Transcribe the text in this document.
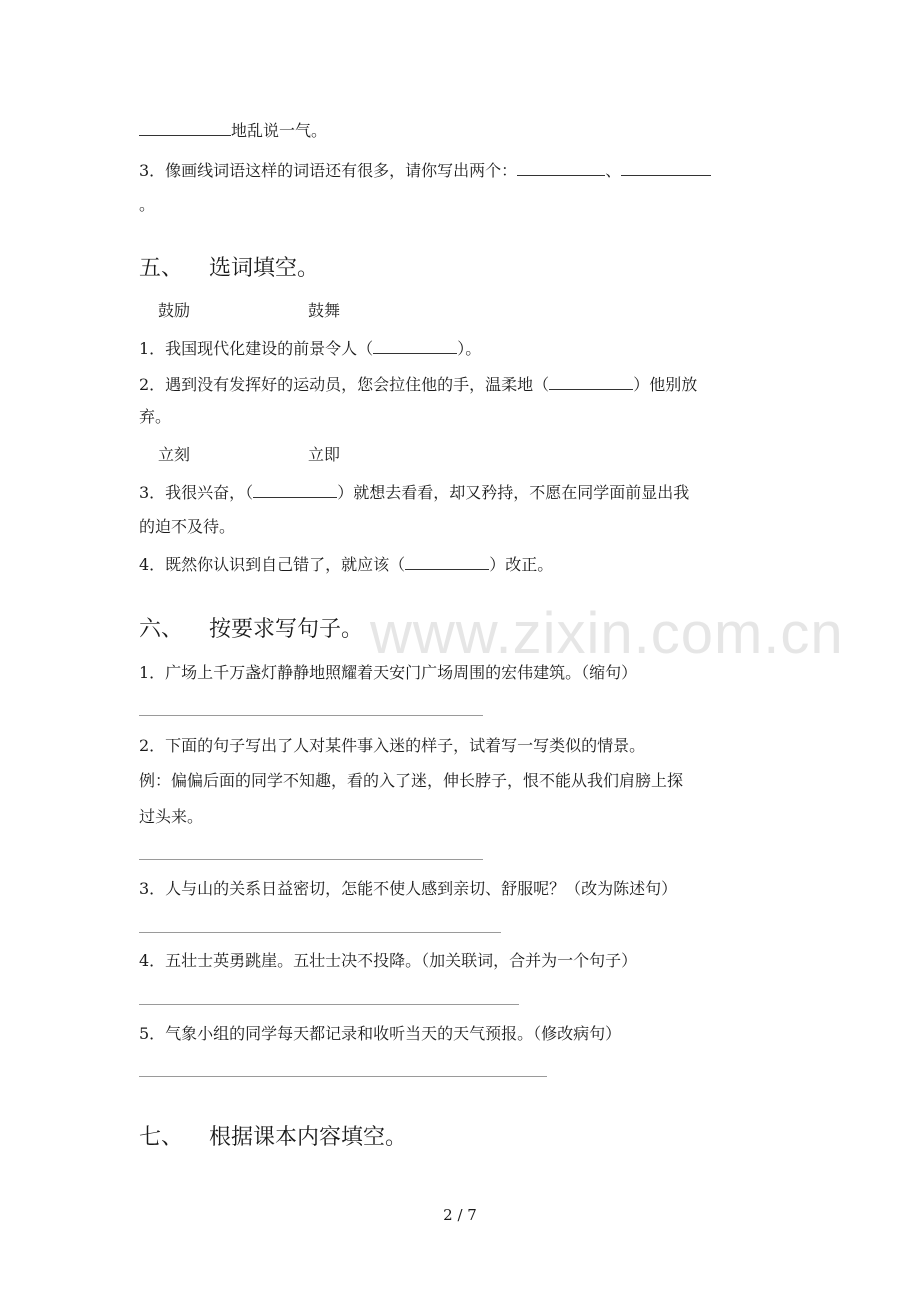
www.zixin.com.cn
地乱说一气。
3．像画线词语这样的词语还有很多，请你写出两个：	、
。
五、 选词填空。
鼓励	鼓舞
1．我国现代化建设的前景令人（	）。
2．遇到没有发挥好的运动员，您会拉住他的手，温柔地（	）他别放
弃。
立刻	立即
3．我很兴奋，（	）就想去看看，却又矜持，不愿在同学面前显出我
的迫不及待。
4．既然你认识到自己错了，就应该（	）改正。
六、 按要求写句子。
1．广场上千万盏灯静静地照耀着天安门广场周围的宏伟建筑。（缩句）
2．下面的句子写出了人对某件事入迷的样子，试着写一写类似的情景。
例：偏偏后面的同学不知趣，看的入了迷，伸长脖子，恨不能从我们肩膀上探
过头来。
3．人与山的关系日益密切，怎能不使人感到亲切、舒服呢？（改为陈述句）
4．五壮士英勇跳崖。五壮士决不投降。（加关联词，合并为一个句子）
5．气象小组的同学每天都记录和收听当天的天气预报。（修改病句）
七、 根据课本内容填空。
2 / 7
